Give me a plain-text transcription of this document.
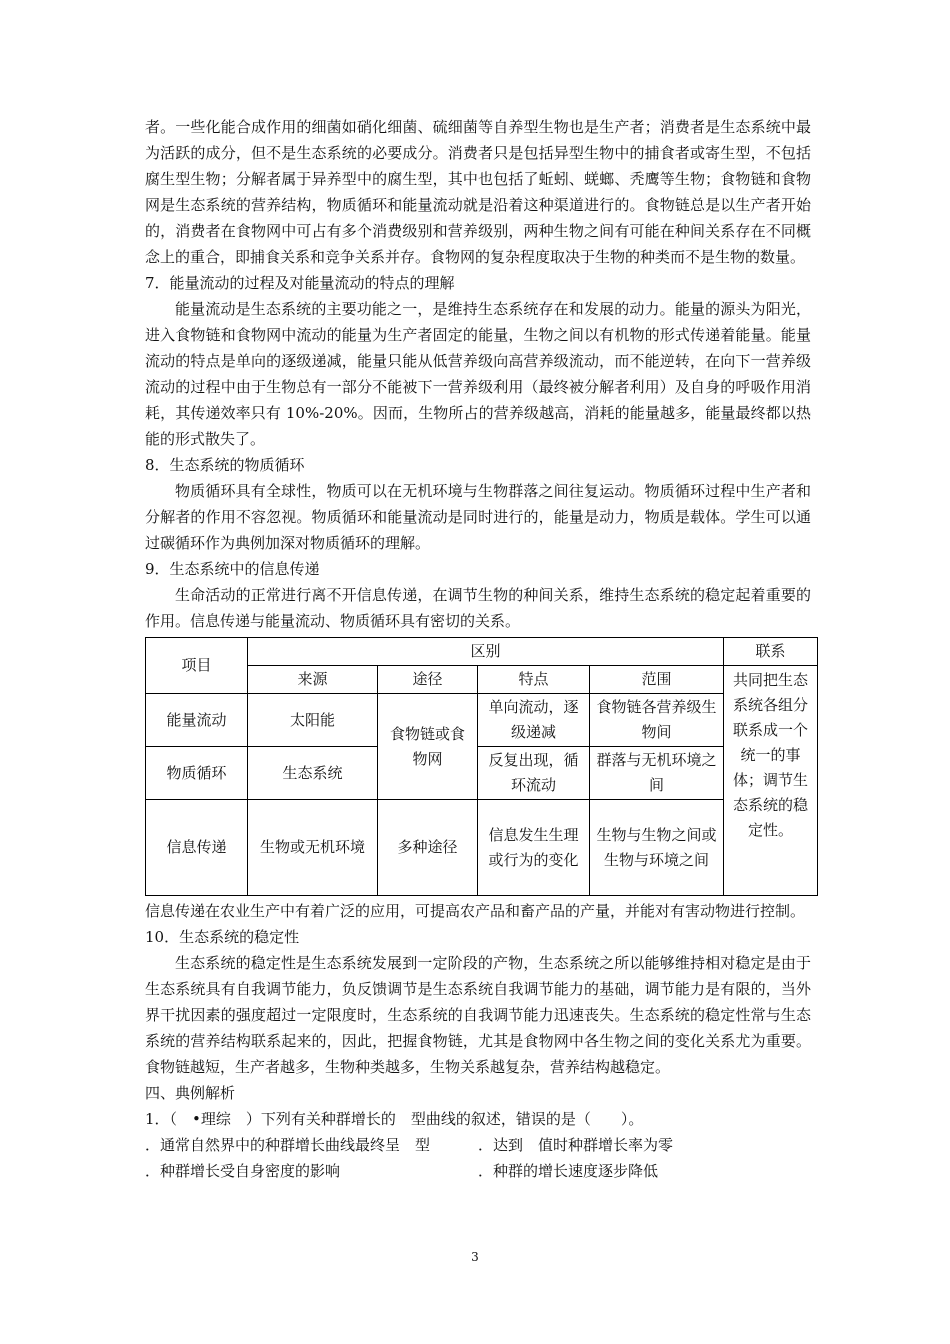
者。一些化能合成作用的细菌如硝化细菌、硫细菌等自养型生物也是生产者；消费者是生态系统中最为活跃的成分，但不是生态系统的必要成分。消费者只是包括异型生物中的捕食者或寄生型，不包括腐生型生物；分解者属于异养型中的腐生型，其中也包括了蚯蚓、蜣螂、秃鹰等生物；食物链和食物网是生态系统的营养结构，物质循环和能量流动就是沿着这种渠道进行的。食物链总是以生产者开始的，消费者在食物网中可占有多个消费级别和营养级别，两种生物之间有可能在种间关系存在不同概念上的重合，即捕食关系和竞争关系并存。食物网的复杂程度取决于生物的种类而不是生物的数量。

7．能量流动的过程及对能量流动的特点的理解

能量流动是生态系统的主要功能之一，是维持生态系统存在和发展的动力。能量的源头为阳光，进入食物链和食物网中流动的能量为生产者固定的能量，生物之间以有机物的形式传递着能量。能量流动的特点是单向的逐级递减，能量只能从低营养级向高营养级流动，而不能逆转，在向下一营养级流动的过程中由于生物总有一部分不能被下一营养级利用（最终被分解者利用）及自身的呼吸作用消耗，其传递效率只有 10%-20%。因而，生物所占的营养级越高，消耗的能量越多，能量最终都以热能的形式散失了。

8．生态系统的物质循环

物质循环具有全球性，物质可以在无机环境与生物群落之间往复运动。物质循环过程中生产者和分解者的作用不容忽视。物质循环和能量流动是同时进行的，能量是动力，物质是载体。学生可以通过碳循环作为典例加深对物质循环的理解。

9．生态系统中的信息传递

生命活动的正常进行离不开信息传递，在调节生物的种间关系，维持生态系统的稳定起着重要的作用。信息传递与能量流动、物质循环具有密切的关系。

项目	区别				联系
	来源	途径	特点	范围	共同把生态系统各组分联系成一个统一的事体；调节生态系统的稳定性。
能量流动	太阳能	食物链或食物网	单向流动，逐级递减	食物链各营养级生物间	
物质循环	生态系统		反复出现，循环流动	群落与无机环境之间	
信息传递	生物或无机环境	多种途径	信息发生生理或行为的变化	生物与生物之间或生物与环境之间	

信息传递在农业生产中有着广泛的应用，可提高农产品和畜产品的产量，并能对有害动物进行控制。

10．生态系统的稳定性

生态系统的稳定性是生态系统发展到一定阶段的产物，生态系统之所以能够维持相对稳定是由于生态系统具有自我调节能力，负反馈调节是生态系统自我调节能力的基础，调节能力是有限的，当外界干扰因素的强度超过一定限度时，生态系统的自我调节能力迅速丧失。生态系统的稳定性常与生态系统的营养结构联系起来的，因此，把握食物链，尤其是食物网中各生物之间的变化关系尤为重要。食物链越短，生产者越多，生物种类越多，生物关系越复杂，营养结构越稳定。

四、典例解析

1．（　•理综　）下列有关种群增长的　型曲线的叙述，错误的是（　　）。

．通常自然界中的种群增长曲线最终呈　型	．达到　值时种群增长率为零
．种群增长受自身密度的影响	．种群的增长速度逐步降低
3
